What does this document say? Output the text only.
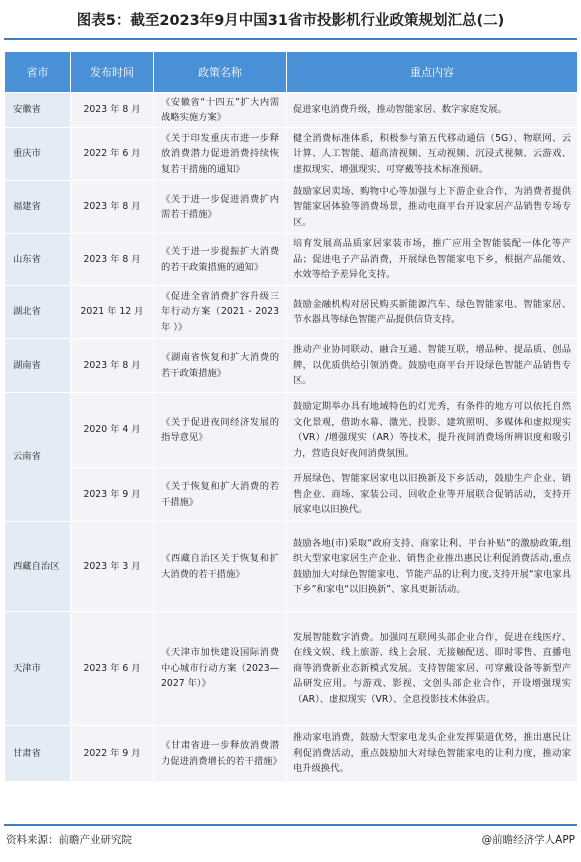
图表5：截至2023年9月中国31省市投影机行业政策规划汇总(二)
省市	发布时间	政策名称	重点内容
安徽省	2023 年 8 月	《安徽省“十四五”扩大内需战略实施方案》	促进家电消费升级，推动智能家居、数字家庭发展。
重庆市	2022 年 6 月	《关于印发重庆市进一步释放消费潜力促进消费持续恢复若干措施的通知》	健全消费标准体系，积极参与第五代移动通信（5G）、物联网、云计算、人工智能、超高清视频、互动视频、沉浸式视频、云游戏、虚拟现实、增强现实、可穿戴等技术标准预研。
福建省	2023 年 8 月	《关于进一步促进消费扩内需若干措施》	鼓励家居卖场、购物中心等加强与上下游企业合作，为消费者提供智能家居体验等消费场景，推动电商平台开设家居产品销售专场专区。
山东省	2023 年 8 月	《关于进一步提振扩大消费的若干政策措施的通知》	培育发展高品质家居家装市场，推广应用全智能装配一体化等产品；促进电子产品消费，开展绿色智能家电下乡，根据产品能效、水效等给予差异化支持。
湖北省	2021 年 12 月	《促进全省消费扩容升级三年行动方案（2021 - 2023 年 ）》	鼓励金融机构对居民购买新能源汽车、绿色智能家电、智能家居、节水器具等绿色智能产品提供信贷支持。
湖南省	2023 年 8 月	《湖南省恢复和扩大消费的若干政策措施》	推动产业协同联动、融合互通、智能互联，增品种、提品质、创品牌，以优质供给引领消费。鼓励电商平台开设绿色智能产品销售专区。
云南省	2020 年 4 月	《关于促进夜间经济发展的指导意见》	鼓励定期举办具有地域特色的灯光秀，有条件的地方可以依托自然文化景观，借助水幕、激光、投影、建筑照明、多媒体和虚拟现实（VR）/增强现实（AR）等技术，提升夜间消费场所辨识度和吸引力，营造良好夜间消费氛围。
	2023 年 9 月	《关于恢复和扩大消费的若干措施》	开展绿色、智能家居家电以旧换新及下乡活动，鼓励生产企业、销售企业、商场、家装公司、回收企业等开展联合促销活动，支持开展家电以旧换代。
西藏自治区	2023 年 3 月	《西藏自治区关于恢复和扩大消费的若干措施》	鼓励各地(市)采取“政府支持、商家让利、平台补贴”的激励政策,组织大型家电家居生产企业、销售企业推出惠民让利促消费活动,重点鼓励加大对绿色智能家电、节能产品的让利力度,支持开展“家电家具下乡”和家电“以旧换新”、家具更新活动。
天津市	2023 年 6 月	《天津市加快建设国际消费中心城市行动方案（2023—2027 年）》	发展智能数字消费。加强同互联网头部企业合作，促进在线医疗、在线文娱、线上旅游、线上会展、无接触配送、即时零售、直播电商等消费新业态新模式发展。支持智能家居、可穿戴设备等新型产品研发应用。与游戏、影视、文创头部企业合作，开设增强现实（AR）、虚拟现实（VR）、全息投影技术体验店。
甘肃省	2022 年 9 月	《甘肃省进一步释放消费潜力促进消费增长的若干措施》	推动家电消费，鼓励大型家电龙头企业发挥渠道优势，推出惠民让利促消费活动，重点鼓励加大对绿色智能家电的让利力度，推动家电升级换代。
资料来源：前瞻产业研究院	@前瞻经济学人APP
